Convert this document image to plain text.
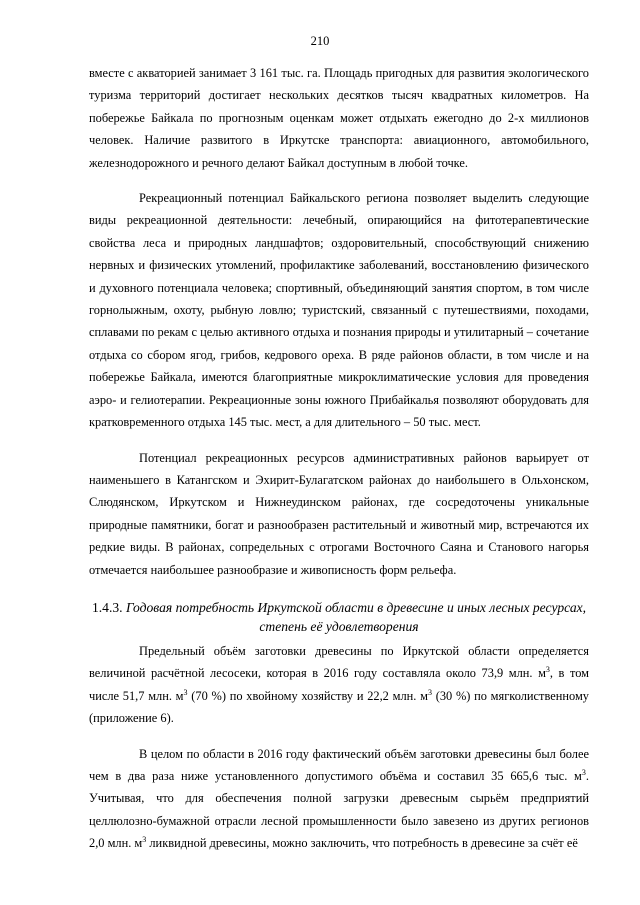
210

вместе с акваторией занимает 3 161 тыс. га. Площадь пригодных для развития экологического туризма территорий достигает нескольких десятков тысяч квадратных километров. На побережье Байкала по прогнозным оценкам может отдыхать ежегодно до 2-х миллионов человек. Наличие развитого в Иркутске транспорта: авиационного, автомобильного, железнодорожного и речного делают Байкал доступным в любой точке.

Рекреационный потенциал Байкальского региона позволяет выделить следующие виды рекреационной деятельности: лечебный, опирающийся на фитотерапевтические свойства леса и природных ландшафтов; оздоровительный, способствующий снижению нервных и физических утомлений, профилактике заболеваний, восстановлению физического и духовного потенциала человека; спортивный, объединяющий занятия спортом, в том числе горнолыжным, охоту, рыбную ловлю; туристский, связанный с путешествиями, походами, сплавами по рекам с целью активного отдыха и познания природы и утилитарный – сочетание отдыха со сбором ягод, грибов, кедрового ореха. В ряде районов области, в том числе и на побережье Байкала, имеются благоприятные микроклиматические условия для проведения аэро- и гелиотерапии. Рекреационные зоны южного Прибайкалья позволяют оборудовать для кратковременного отдыха 145 тыс. мест, а для длительного – 50 тыс. мест.

Потенциал рекреационных ресурсов административных районов варьирует от наименьшего в Катангском и Эхирит-Булагатском районах до наибольшего в Ольхонском, Слюдянском, Иркутском и Нижнеудинском районах, где сосредоточены уникальные природные памятники, богат и разнообразен растительный и животный мир, встречаются их редкие виды. В районах, сопредельных с отрогами Восточного Саяна и Станового нагорья отмечается наибольшее разнообразие и живописность форм рельефа.

1.4.3. Годовая потребность Иркутской области в древесине и иных лесных ресурсах,
степень её удовлетворения

Предельный объём заготовки древесины по Иркутской области определяется величиной расчётной лесосеки, которая в 2016 году составляла около 73,9 млн. $м^3$, в том числе 51,7 млн. $м^3$ (70 %) по хвойному хозяйству и 22,2 млн. $м^3$ (30 %) по мягколиственному (приложение 6).

В целом по области в 2016 году фактический объём заготовки древесины был более чем в два раза ниже установленного допустимого объёма и составил 35 665,6 тыс. $м^3$. Учитывая, что для обеспечения полной загрузки древесным сырьём предприятий целлюлозно-бумажной отрасли лесной промышленности было завезено из других регионов 2,0 млн. $м^3$ ликвидной древесины, можно заключить, что потребность в древесине за счёт её
